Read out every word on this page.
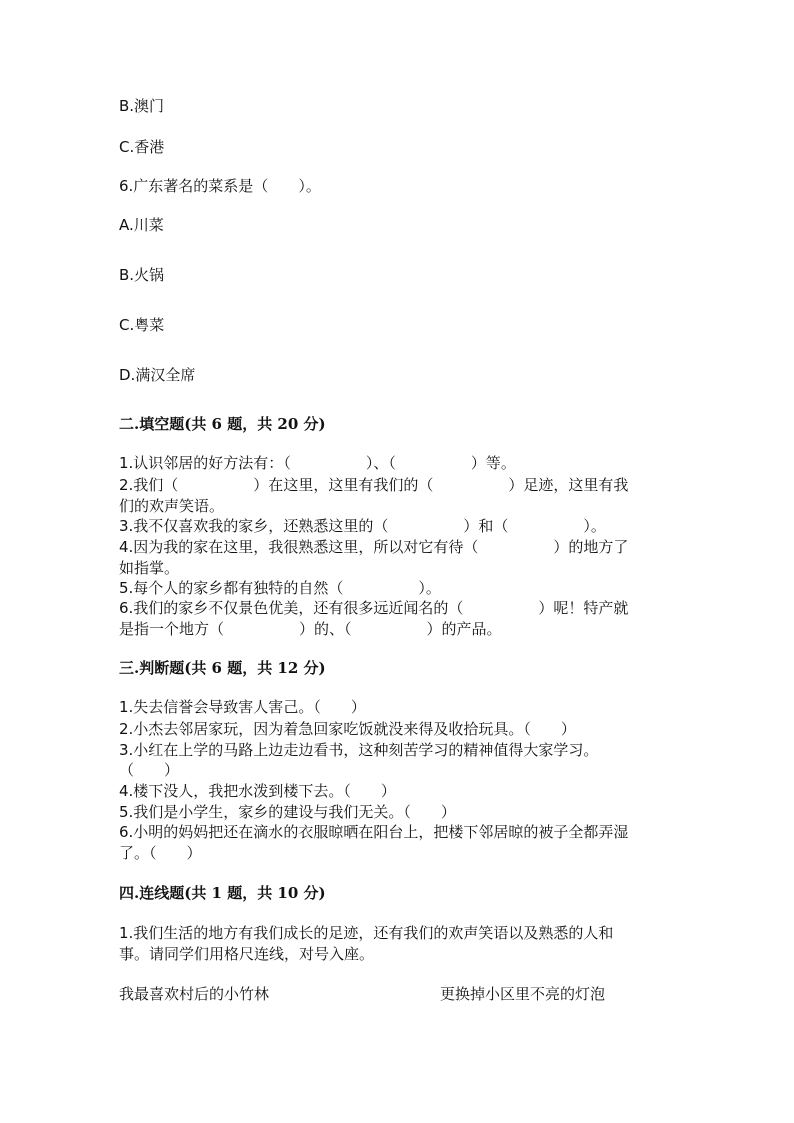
B.澳门
C.香港
6.广东著名的菜系是（　　）。
A.川菜
B.火锅
C.粤菜
D.满汉全席
二.填空题(共 6 题，共 20 分)
1.认识邻居的好方法有：（　　　　　）、（　　　　　）等。
2.我们（　　　　　）在这里，这里有我们的（　　　　　）足迹，这里有我
们的欢声笑语。
3.我不仅喜欢我的家乡，还熟悉这里的（　　　　　）和（　　　　　）。
4.因为我的家在这里，我很熟悉这里，所以对它有待（　　　　　）的地方了
如指掌。
5.每个人的家乡都有独特的自然（　　　　　）。
6.我们的家乡不仅景色优美，还有很多远近闻名的（　　　　　）呢！特产就
是指一个地方（　　　　　）的、（　　　　　）的产品。
三.判断题(共 6 题，共 12 分)
1.失去信誉会导致害人害己。（　　）
2.小杰去邻居家玩，因为着急回家吃饭就没来得及收拾玩具。（　　）
3.小红在上学的马路上边走边看书，这种刻苦学习的精神值得大家学习。
（　　）
4.楼下没人，我把水泼到楼下去。（　　）
5.我们是小学生，家乡的建设与我们无关。（　　）
6.小明的妈妈把还在滴水的衣服晾晒在阳台上，把楼下邻居晾的被子全都弄湿
了。（　　）
四.连线题(共 1 题，共 10 分)
1.我们生活的地方有我们成长的足迹，还有我们的欢声笑语以及熟悉的人和
事。请同学们用格尺连线，对号入座。
我最喜欢村后的小竹林	更换掉小区里不亮的灯泡
